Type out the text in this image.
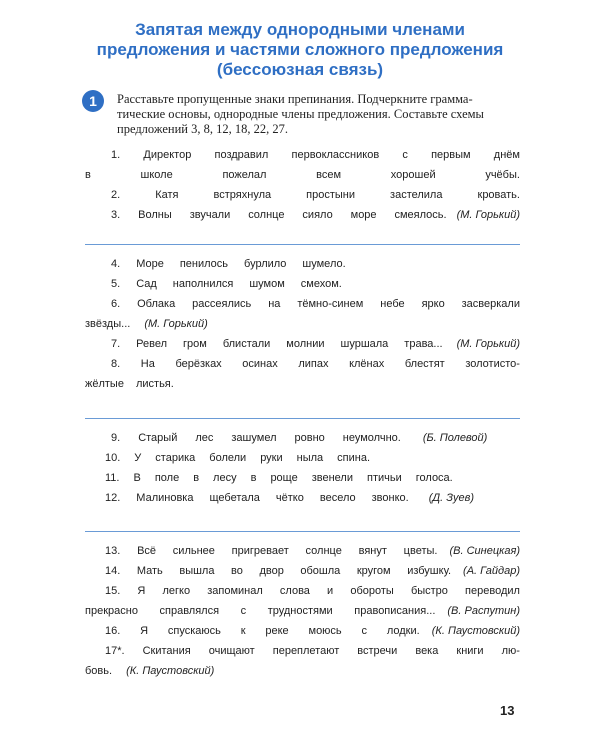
Запятая между однородными членами
предложения и частями сложного предложения
(бессоюзная связь)
1	Расставьте пропущенные знаки препинания. Подчеркните грамма-
тические основы, однородные члены предложения. Составьте схемы
предложений 3, 8, 12, 18, 22, 27.
1. Директор поздравил первоклассников с первым днём
в	школе	пожелал	всем	хорошей	учёбы.
2.	Катя	встряхнула	простыни	застелила	кровать.
3. Волны звучали солнце сияло море смеялось. (М. Горький)
4. Море пенилось бурлило шумело.
5. Сад наполнился шумом смехом.
6. Облака рассеялись на тёмно-синем небе ярко засверкали
звёзды... (М. Горький)
7. Ревел гром блистали молнии шуршала трава... (М. Горький)
8. На берёзках осинах липах клёнах блестят золотисто-
жёлтые листья.
9. Старый лес зашумел ровно неумолчно. (Б. Полевой)
10. У старика болели руки ныла спина.
11. В поле в лесу в роще звенели птичьи голоса.
12. Малиновка щебетала чётко весело звонко. (Д. Зуев)
13. Всё сильнее пригревает солнце вянут цветы. (В. Синецкая)
14. Мать вышла во двор обошла кругом избушку. (А. Гайдар)
15. Я легко запоминал слова и обороты быстро переводил
прекрасно справлялся с трудностями правописания... (В. Распутин)
16. Я спускаюсь к реке моюсь с лодки. (К. Паустовский)
17*. Скитания очищают переплетают встречи века книги лю-
бовь. (К. Паустовский)
13
